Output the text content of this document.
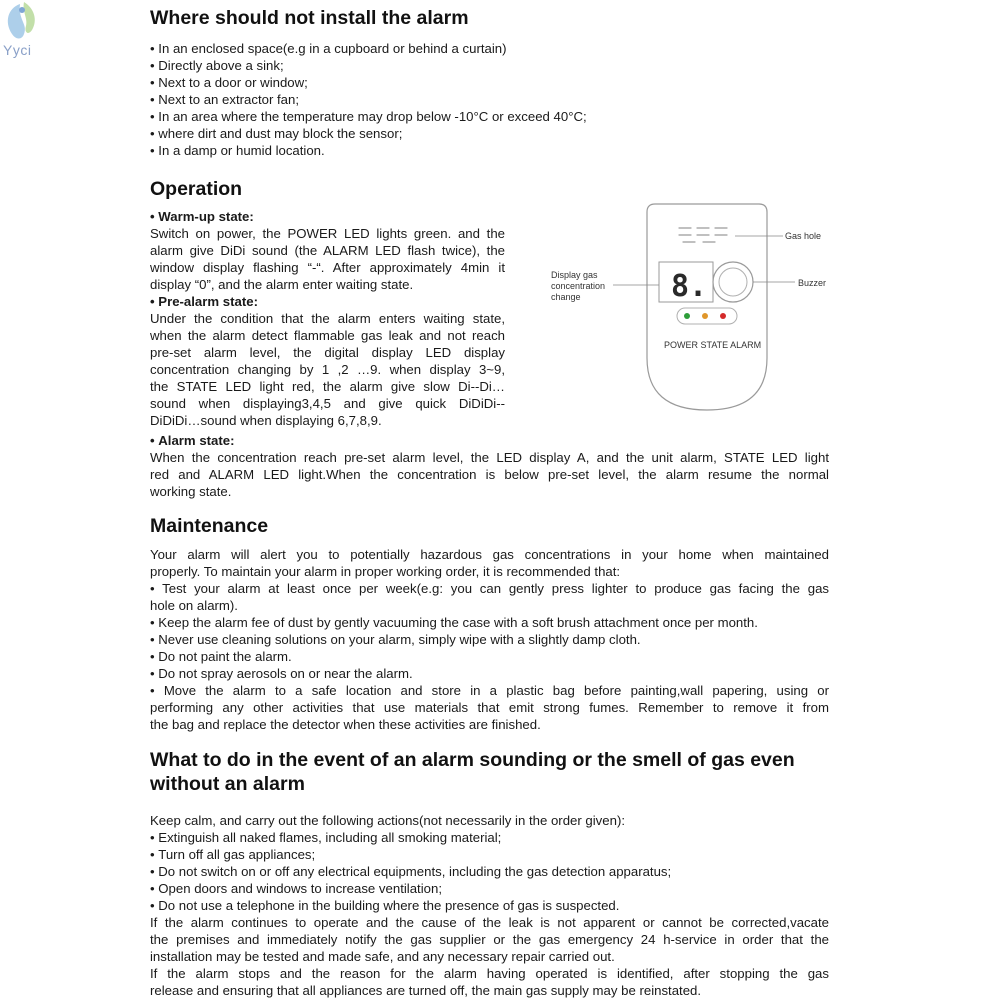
Yyci
Where should not install the alarm
• In an enclosed space(e.g in a cupboard or behind a curtain)
• Directly above a sink;
• Next to a door or window;
• Next to an extractor fan;
• In an area where the temperature may drop below -10°C or exceed 40°C;
• where dirt and dust may block the sensor;
• In a damp or humid location.
Operation

• Warm-up state:

Switch on power, the POWER LED lights green. and the

alarm give DiDi sound (the ALARM LED flash twice), the

window display flashing “-“. After approximately 4min it

display “0”, and the alarm enter waiting state.

• Pre-alarm state:

Under the condition that the alarm enters waiting state,

when the alarm detect flammable gas leak and not reach

pre-set alarm level, the digital display LED display

concentration changing by 1 ,2 …9. when display 3~9,

the STATE LED light red, the alarm give slow Di--Di…

sound when displaying3,4,5 and give quick DiDiDi--

DiDiDi…sound when displaying 6,7,8,9.

• Alarm state:

When the concentration reach pre-set alarm level, the LED display A, and the unit alarm, STATE LED light

red and ALARM LED light.When the concentration is below pre-set level, the alarm resume the normal

working state.

Maintenance

Your alarm will alert you to potentially hazardous gas concentrations in your home when maintained

properly. To maintain your alarm in proper working order, it is recommended that:

• Test your alarm at least once per week(e.g: you can gently press lighter to produce gas facing the gas

hole on alarm).

• Keep the alarm fee of dust by gently vacuuming the case with a soft brush attachment once per month.
• Never use cleaning solutions on your alarm, simply wipe with a slightly damp cloth.
• Do not paint the alarm.
• Do not spray aerosols on or near the alarm.

• Move the alarm to a safe location and store in a plastic bag before painting,wall papering, using or

performing any other activities that use materials that emit strong fumes. Remember to remove it from

the bag and replace the detector when these activities are finished.

What to do in the event of an alarm sounding or the smell of gas even without an alarm

Keep calm, and carry out the following actions(not necessarily in the order given):

• Extinguish all naked flames, including all smoking material;
• Turn off all gas appliances;
• Do not switch on or off any electrical equipments, including the gas detection apparatus;
• Open doors and windows to increase ventilation;
• Do not use a telephone in the building where the presence of gas is suspected.

If the alarm continues to operate and the cause of the leak is not apparent or cannot be corrected,vacate

the premises and immediately notify the gas supplier or the gas emergency 24 h-service in order that the

installation may be tested and made safe, and any necessary repair carried out.

If the alarm stops and the reason for the alarm having operated is identified, after stopping the gas

release and ensuring that all appliances are turned off, the main gas supply may be reinstated.

Gas hole
8.
Display gas
concentration
change
Buzzer
POWER STATE ALARM
